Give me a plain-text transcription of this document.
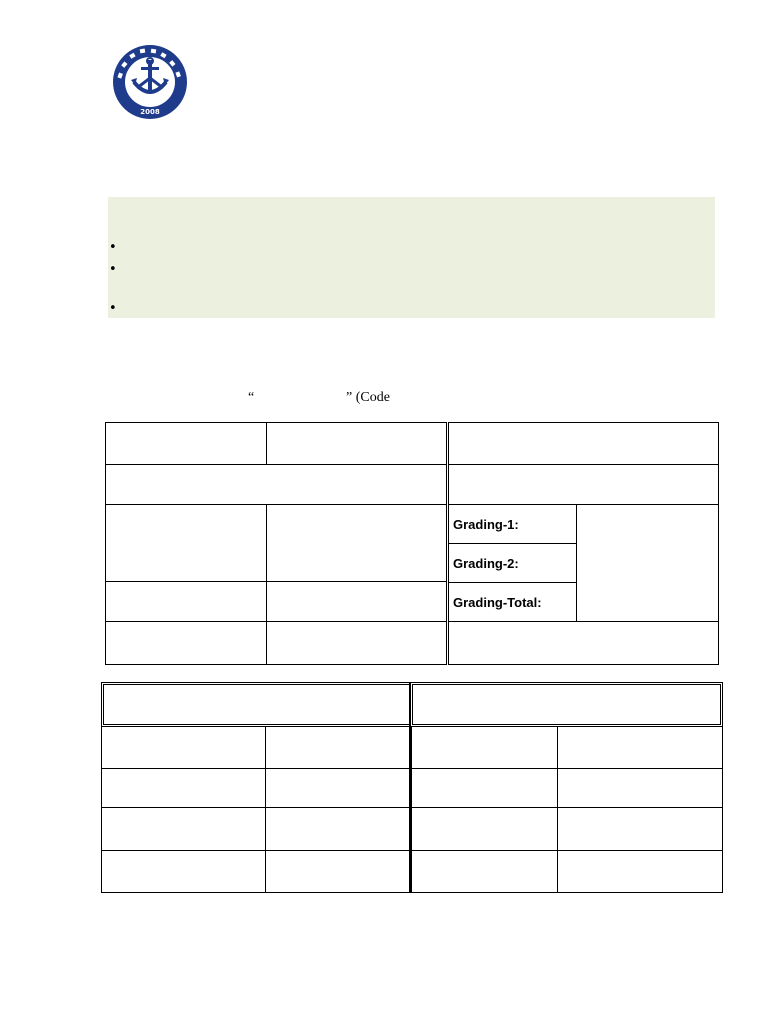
2008
•
•
•
“	” (Code
Grading-1:
Grading-2:
Grading-Total:
